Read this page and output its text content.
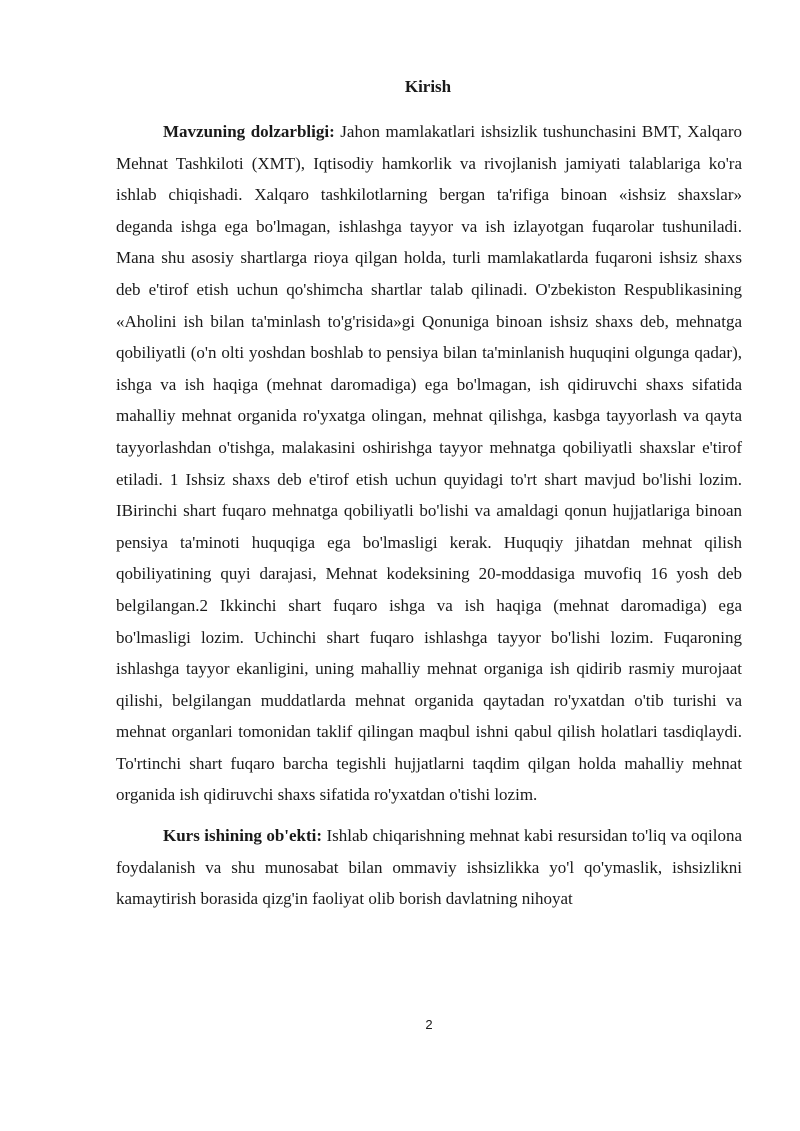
Kirish

Mavzuning dolzarbligi: Jahon mamlakatlari ishsizlik tushunchasini BMT, Xalqaro Mehnat Tashkiloti (XMT), Iqtisodiy hamkorlik va rivojlanish jamiyati talablariga ko'ra ishlab chiqishadi. Xalqaro tashkilotlarning bergan ta'rifiga binoan «ishsiz shaxslar» deganda ishga ega bo'lmagan, ishlashga tayyor va ish izlayotgan fuqarolar tushuniladi. Mana shu asosiy shartlarga rioya qilgan holda, turli mamlakatlarda fuqaroni ishsiz shaxs deb e'tirof etish uchun qo'shimcha shartlar talab qilinadi. O'zbekiston Respublikasining «Aholini ish bilan ta'minlash to'g'risida»gi Qonuniga binoan ishsiz shaxs deb, mehnatga qobiliyatli (o'n olti yoshdan boshlab to pensiya bilan ta'minlanish huquqini olgunga qadar), ishga va ish haqiga (mehnat daromadiga) ega bo'lmagan, ish qidiruvchi shaxs sifatida mahalliy mehnat organida ro'yxatga olingan, mehnat qilishga, kasbga tayyorlash va qayta tayyorlashdan o'tishga, malakasini oshirishga tayyor mehnatga qobiliyatli shaxslar e'tirof etiladi. 1 Ishsiz shaxs deb e'tirof etish uchun quyidagi to'rt shart mavjud bo'lishi lozim. IBirinchi shart fuqaro mehnatga qobiliyatli bo'lishi va amaldagi qonun hujjatlariga binoan pensiya ta'minoti huquqiga ega bo'lmasligi kerak. Huquqiy jihatdan mehnat qilish qobiliyatining quyi darajasi, Mehnat kodeksining 20-moddasiga muvofiq 16 yosh deb belgilangan.2 Ikkinchi shart fuqaro ishga va ish haqiga (mehnat daromadiga) ega bo'lmasligi lozim. Uchinchi shart fuqaro ishlashga tayyor bo'lishi lozim. Fuqaroning ishlashga tayyor ekanligini, uning mahalliy mehnat organiga ish qidirib rasmiy murojaat qilishi, belgilangan muddatlarda mehnat organida qaytadan ro'yxatdan o'tib turishi va mehnat organlari tomonidan taklif qilingan maqbul ishni qabul qilish holatlari tasdiqlaydi. To'rtinchi shart fuqaro barcha tegishli hujjatlarni taqdim qilgan holda mahalliy mehnat organida ish qidiruvchi shaxs sifatida ro'yxatdan o'tishi lozim.

Kurs ishining ob'ekti: Ishlab chiqarishning mehnat kabi resursidan to'liq va oqilona foydalanish va shu munosabat bilan ommaviy ishsizlikka yo'l qo'ymaslik, ishsizlikni kamaytirish borasida qizg'in faoliyat olib borish davlatning nihoyat

2
